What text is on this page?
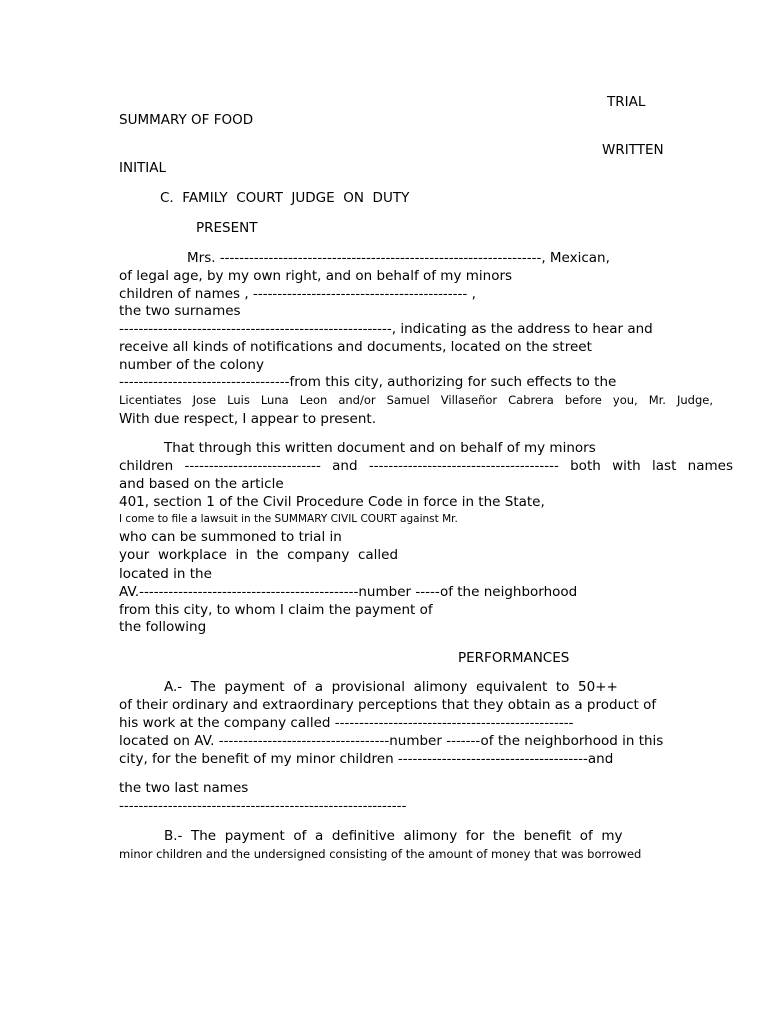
TRIAL

SUMMARY OF FOOD

WRITTEN

INITIAL

C.  FAMILY  COURT  JUDGE  ON  DUTY

PRESENT

Mrs. ------------------------------------------------------------------, Mexican,

of legal age, by my own right, and on behalf of my minors

children of names , -------------------------------------------- ,

the two surnames

--------------------------------------------------------, indicating as the address to hear and

receive all kinds of notifications and documents, located on the street

number of the colony

-----------------------------------from this city, authorizing for such effects to the

Licentiates Jose Luis Luna Leon and/or Samuel Villaseñor Cabrera before you, Mr. Judge,

With due respect, I appear to present.

That through this written document and on behalf of my minors

children ---------------------------- and --------------------------------------- both with last names

and based on the article

401, section 1 of the Civil Procedure Code in force in the State,

I come to file a lawsuit in the SUMMARY CIVIL COURT against Mr.

who can be summoned to trial in

your  workplace  in  the  company  called

located in the

AV.---------------------------------------------number -----of the neighborhood

from this city, to whom I claim the payment of

the following

PERFORMANCES

A.-  The  payment  of  a  provisional  alimony  equivalent  to  50++

of their ordinary and extraordinary perceptions that they obtain as a product of

his work at the company called -------------------------------------------------

located on AV. -----------------------------------number -------of the neighborhood in this

city, for the benefit of my minor children ---------------------------------------and

the two last names

-----------------------------------------------------------

B.-  The  payment  of  a  definitive  alimony  for  the  benefit  of  my

minor children and the undersigned consisting of the amount of money that was borrowed
